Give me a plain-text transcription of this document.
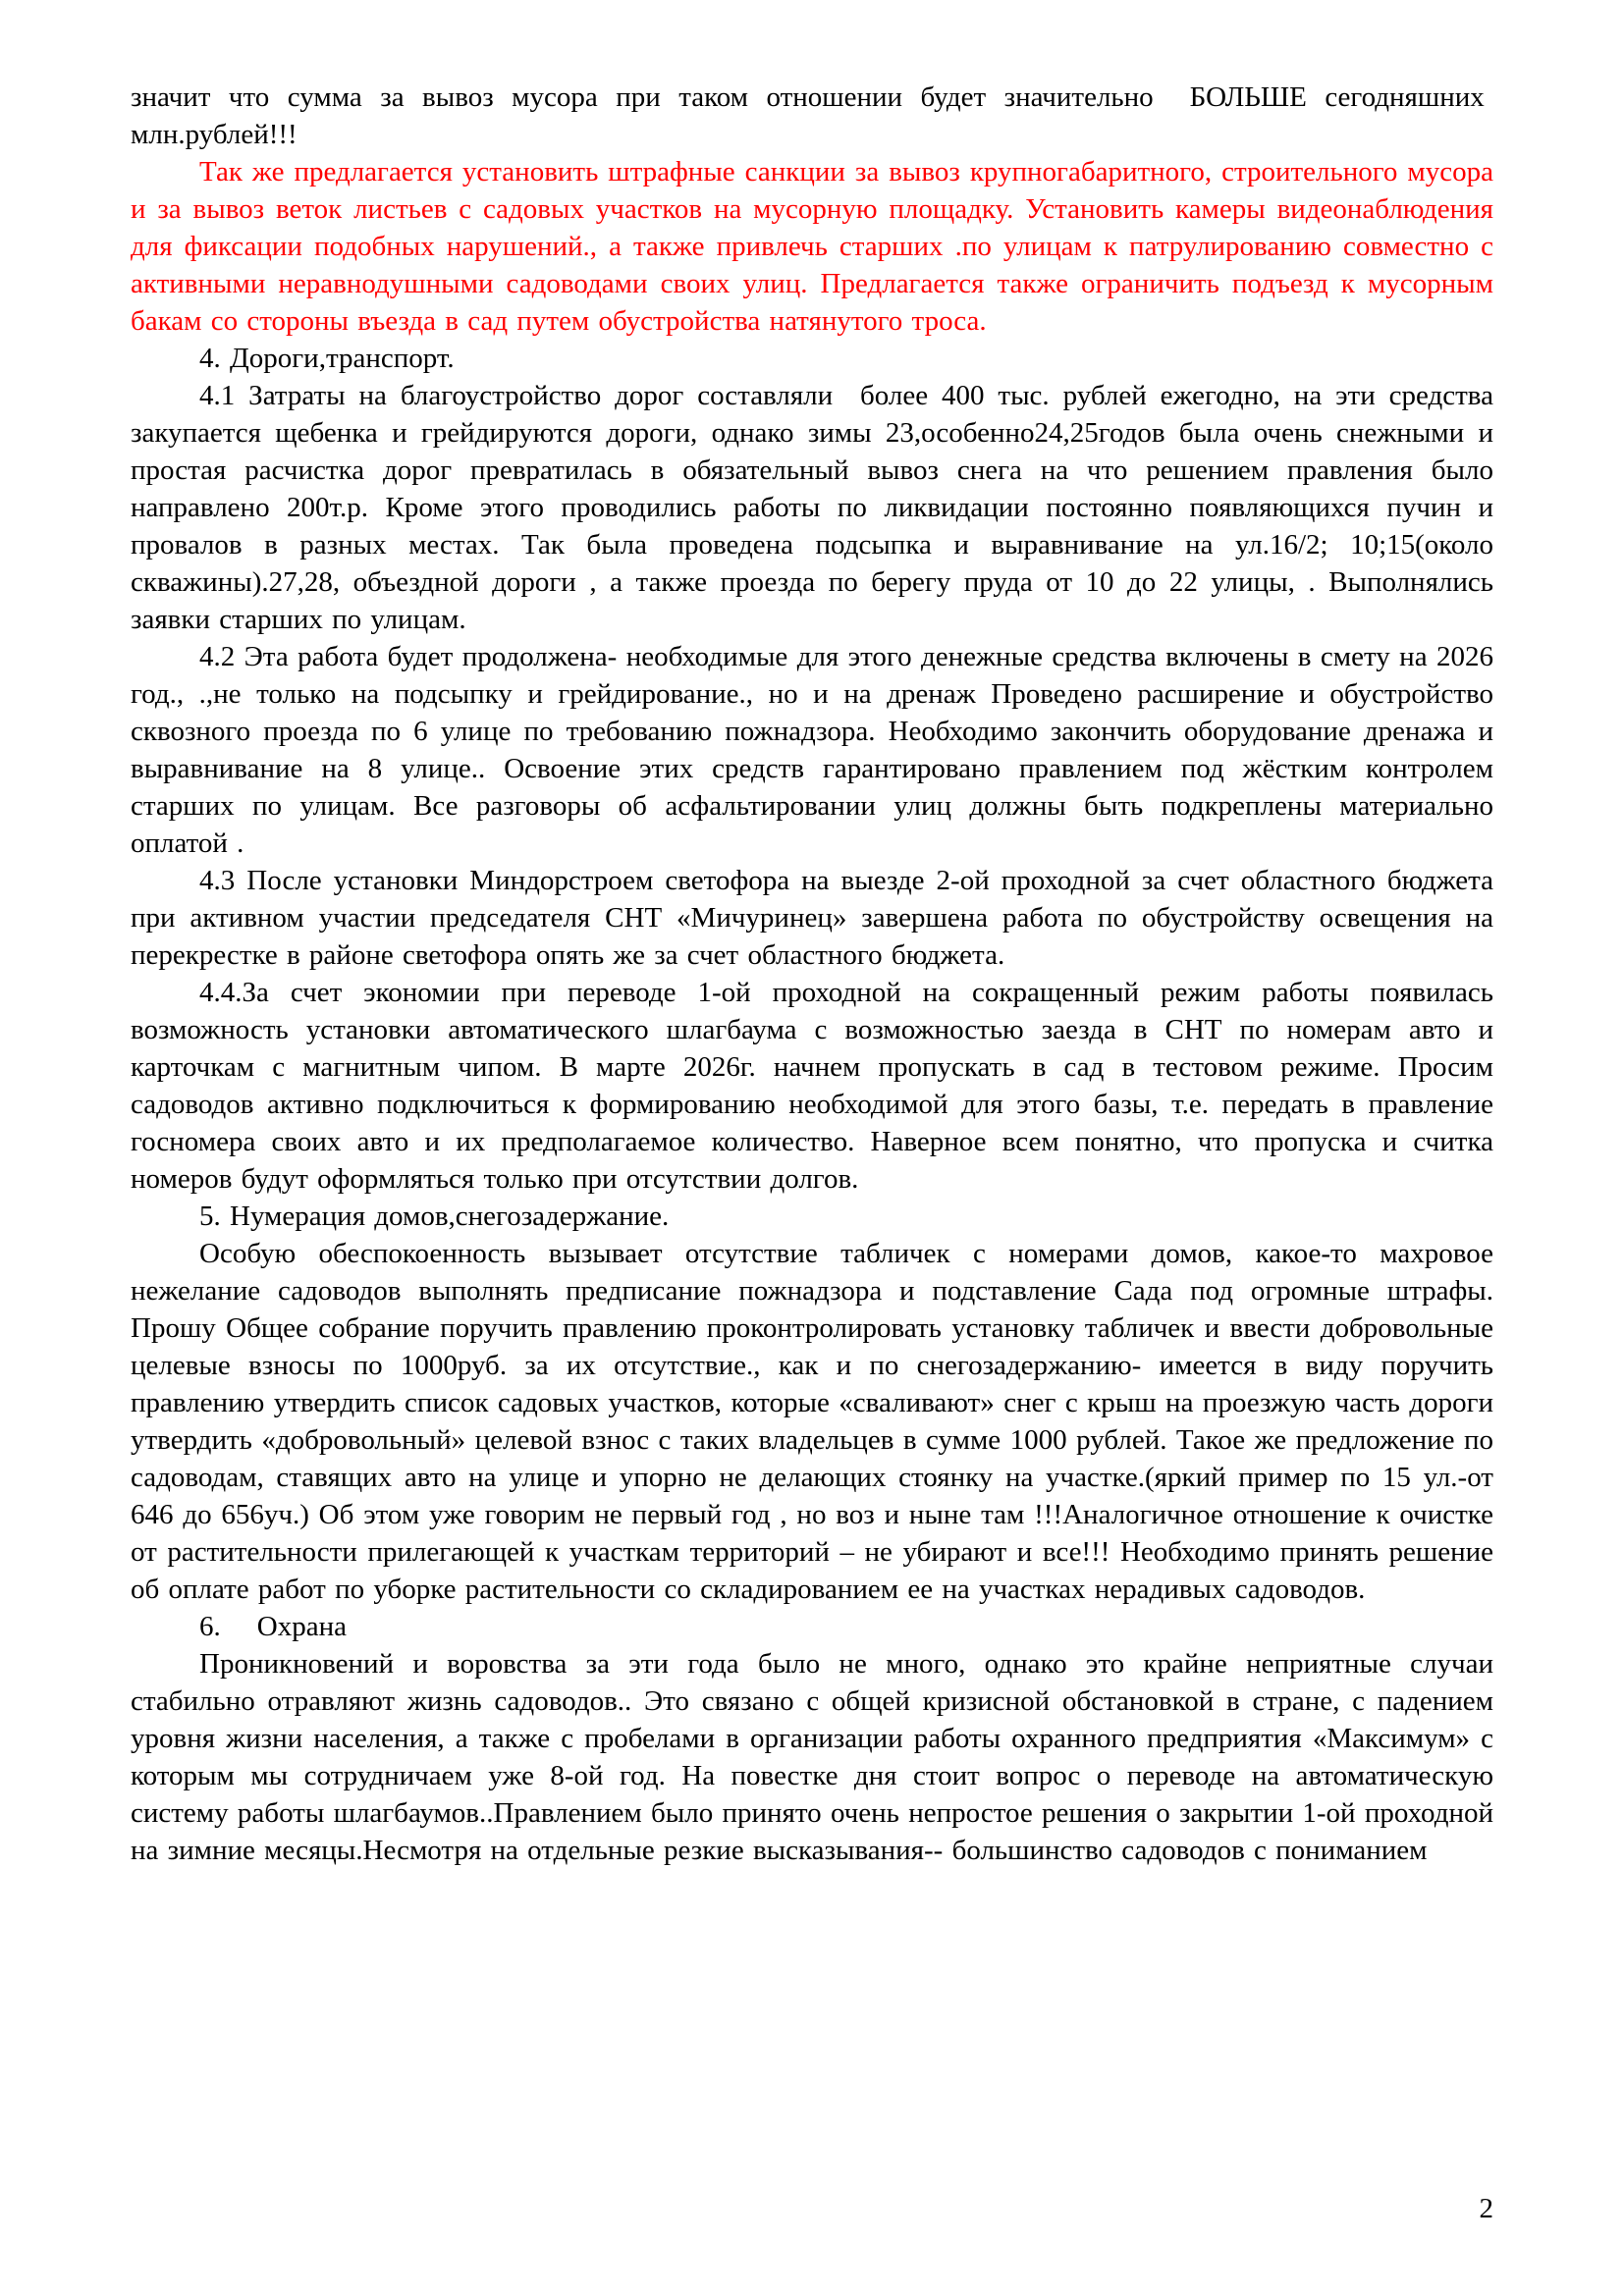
значит что сумма за вывоз мусора при таком отношении будет значительно  БОЛЬШЕ сегодняшних  млн.рублей!!!

Так же предлагается установить штрафные санкции за вывоз крупногабаритного, строительного мусора и за вывоз веток листьев с садовых участков на мусорную площадку. Установить камеры видеонаблюдения для фиксации подобных нарушений., а также привлечь старших .по улицам к патрулированию совместно с активными неравнодушными садоводами своих улиц. Предлагается также ограничить подъезд к мусорным бакам со стороны въезда в сад путем обустройства натянутого троса.

4. Дороги,транспорт.

4.1 Затраты на благоустройство дорог составляли  более 400 тыс. рублей ежегодно, на эти средства закупается щебенка и грейдируются дороги, однако зимы 23,особенно24,25годов была очень снежными и простая расчистка дорог превратилась в обязательный вывоз снега на что решением правления было направлено 200т.р. Кроме этого проводились работы по ликвидации постоянно появляющихся пучин и провалов в разных местах. Так была проведена подсыпка и выравнивание на ул.16/2; 10;15(около скважины).27,28, объездной дороги , а также проезда по берегу пруда от 10 до 22 улицы, . Выполнялись заявки старших по улицам.

4.2 Эта работа будет продолжена- необходимые для этого денежные средства включены в смету на 2026 год., .,не только на подсыпку и грейдирование., но и на дренаж Проведено расширение и обустройство сквозного проезда по 6 улице по требованию пожнадзора. Необходимо закончить оборудование дренажа и выравнивание на 8 улице.. Освоение этих средств гарантировано правлением под жёстким контролем старших по улицам. Все разговоры об асфальтировании улиц должны быть подкреплены материально оплатой .

4.3 После установки Миндорстроем светофора на выезде 2-ой проходной за счет областного бюджета при активном участии председателя СНТ «Мичуринец» завершена работа по обустройству освещения на перекрестке в районе светофора опять же за счет областного бюджета.

4.4.За счет экономии при переводе 1-ой проходной на сокращенный режим работы появилась возможность установки автоматического шлагбаума с возможностью заезда в СНТ по номерам авто и карточкам с магнитным чипом. В марте 2026г. начнем пропускать в сад в тестовом режиме. Просим садоводов активно подключиться к формированию необходимой для этого базы, т.е. передать в правление госномера своих авто и их предполагаемое количество. Наверное всем понятно, что пропуска и считка номеров будут оформляться только при отсутствии долгов.

5. Нумерация домов,снегозадержание.

Особую обеспокоенность вызывает отсутствие табличек с номерами домов, какое-то махровое нежелание садоводов выполнять предписание пожнадзора и подставление Сада под огромные штрафы. Прошу Общее собрание поручить правлению проконтролировать установку табличек и ввести добровольные целевые взносы по 1000руб. за их отсутствие., как и по снегозадержанию- имеется в виду поручить правлению утвердить список садовых участков, которые «сваливают» снег с крыш на проезжую часть дороги утвердить «добровольный» целевой взнос с таких владельцев в сумме 1000 рублей. Такое же предложение по садоводам, ставящих авто на улице и упорно не делающих стоянку на участке.(яркий пример по 15 ул.-от 646 до 656уч.) Об этом уже говорим не первый год , но воз и ныне там !!!Аналогичное отношение к очистке от растительности прилегающей к участкам территорий – не убирают и все!!! Необходимо принять решение об оплате работ по уборке растительности со складированием ее на участках нерадивых садоводов.

6.    Охрана

Проникновений и воровства за эти года было не много, однако это крайне неприятные случаи стабильно отравляют жизнь садоводов.. Это связано с общей кризисной обстановкой в стране, с падением уровня жизни населения, а также с пробелами в организации работы охранного предприятия «Максимум» с которым мы сотрудничаем уже 8-ой год. На повестке дня стоит вопрос о переводе на автоматическую систему работы шлагбаумов..Правлением было принято очень непростое решения о закрытии 1-ой проходной на зимние месяцы.Несмотря на отдельные резкие высказывания-- большинство садоводов с пониманием

2
